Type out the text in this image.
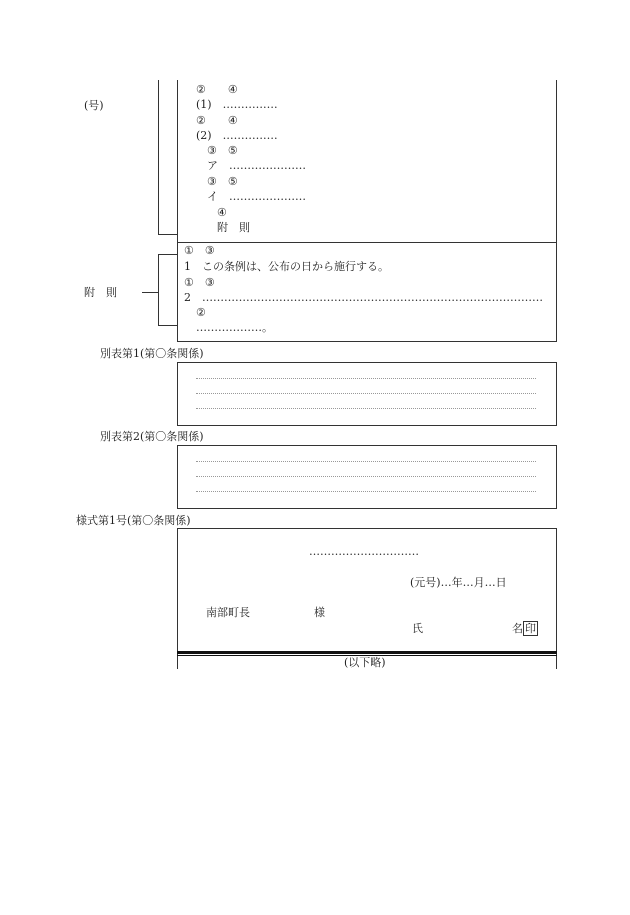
(号)
附　則
②　　④
(1)　……………
②　　④
(2)　……………
③　⑤
ア　…………………
③　⑤
イ　…………………
④
附　則
①　③
1　この条例は、公布の日から施行する。
①　③
2　…………………………………………………………………………………
②
………………。
別表第1(第〇条関係)
別表第2(第〇条関係)
様式第1号(第〇条関係)
…………………………
(元号)…年…月…日
南部町長	様
氏	名 印
(以下略)
